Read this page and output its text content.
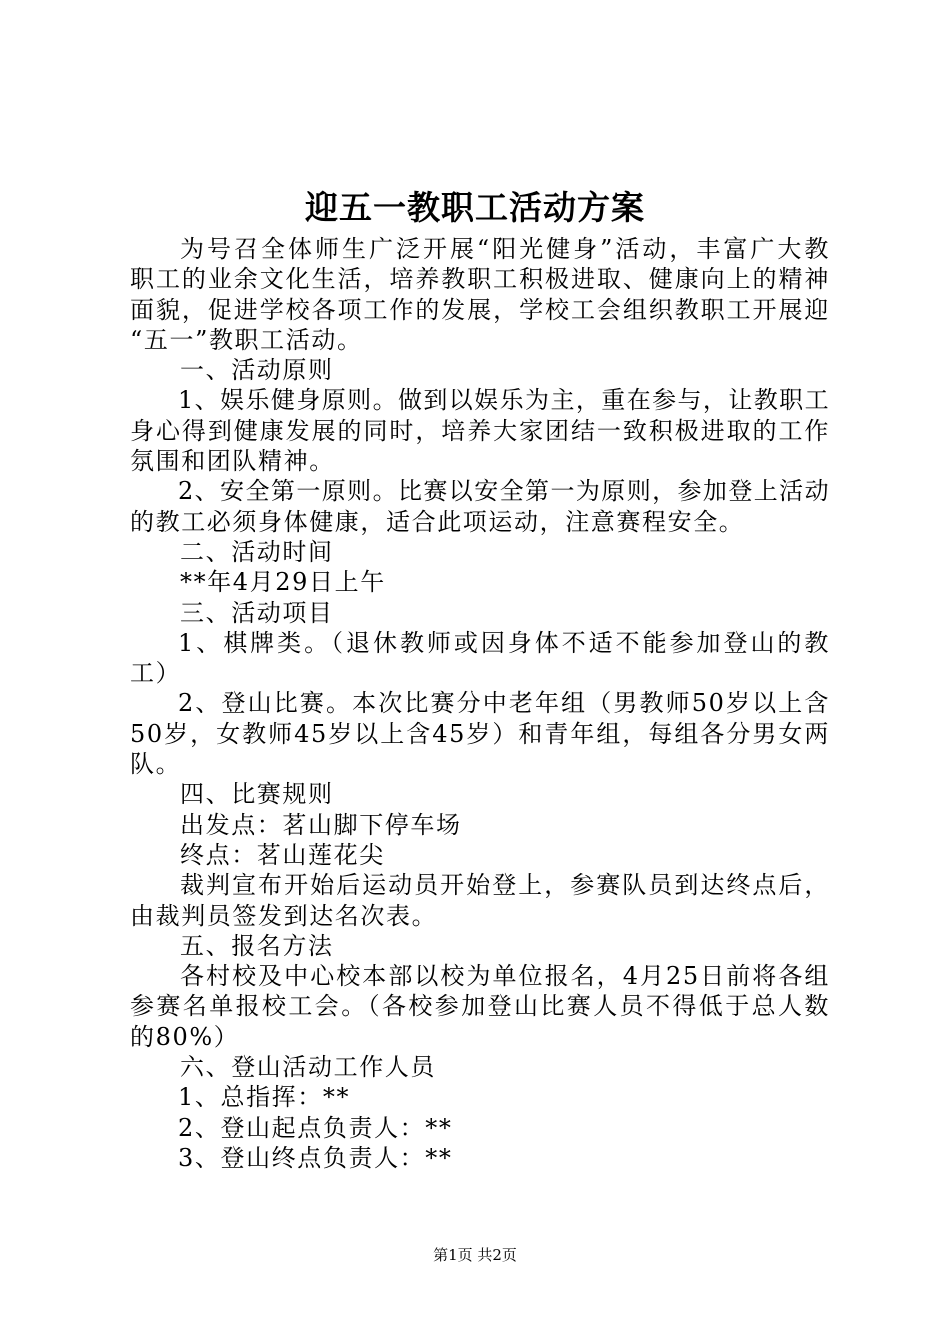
迎五一教职工活动方案
为号召全体师生广泛开展“阳光健身”活动，丰富广大教
职工的业余文化生活，培养教职工积极进取、健康向上的精神
面貌，促进学校各项工作的发展，学校工会组织教职工开展迎
“五一”教职工活动。
一、活动原则
1、娱乐健身原则。做到以娱乐为主，重在参与，让教职工
身心得到健康发展的同时，培养大家团结一致积极进取的工作
氛围和团队精神。
2、安全第一原则。比赛以安全第一为原则，参加登上活动
的教工必须身体健康，适合此项运动，注意赛程安全。
二、活动时间
**年4月29日上午
三、活动项目
1、棋牌类。（退休教师或因身体不适不能参加登山的教
工）
2、登山比赛。本次比赛分中老年组（男教师50岁以上含
50岁，女教师45岁以上含45岁）和青年组，每组各分男女两
队。
四、比赛规则
出发点：茗山脚下停车场
终点：茗山莲花尖
裁判宣布开始后运动员开始登上，参赛队员到达终点后，
由裁判员签发到达名次表。
五、报名方法
各村校及中心校本部以校为单位报名，4月25日前将各组
参赛名单报校工会。（各校参加登山比赛人员不得低于总人数
的80%）
六、登山活动工作人员
1、总指挥：**
2、登山起点负责人：**
3、登山终点负责人：**
第1页 共2页
